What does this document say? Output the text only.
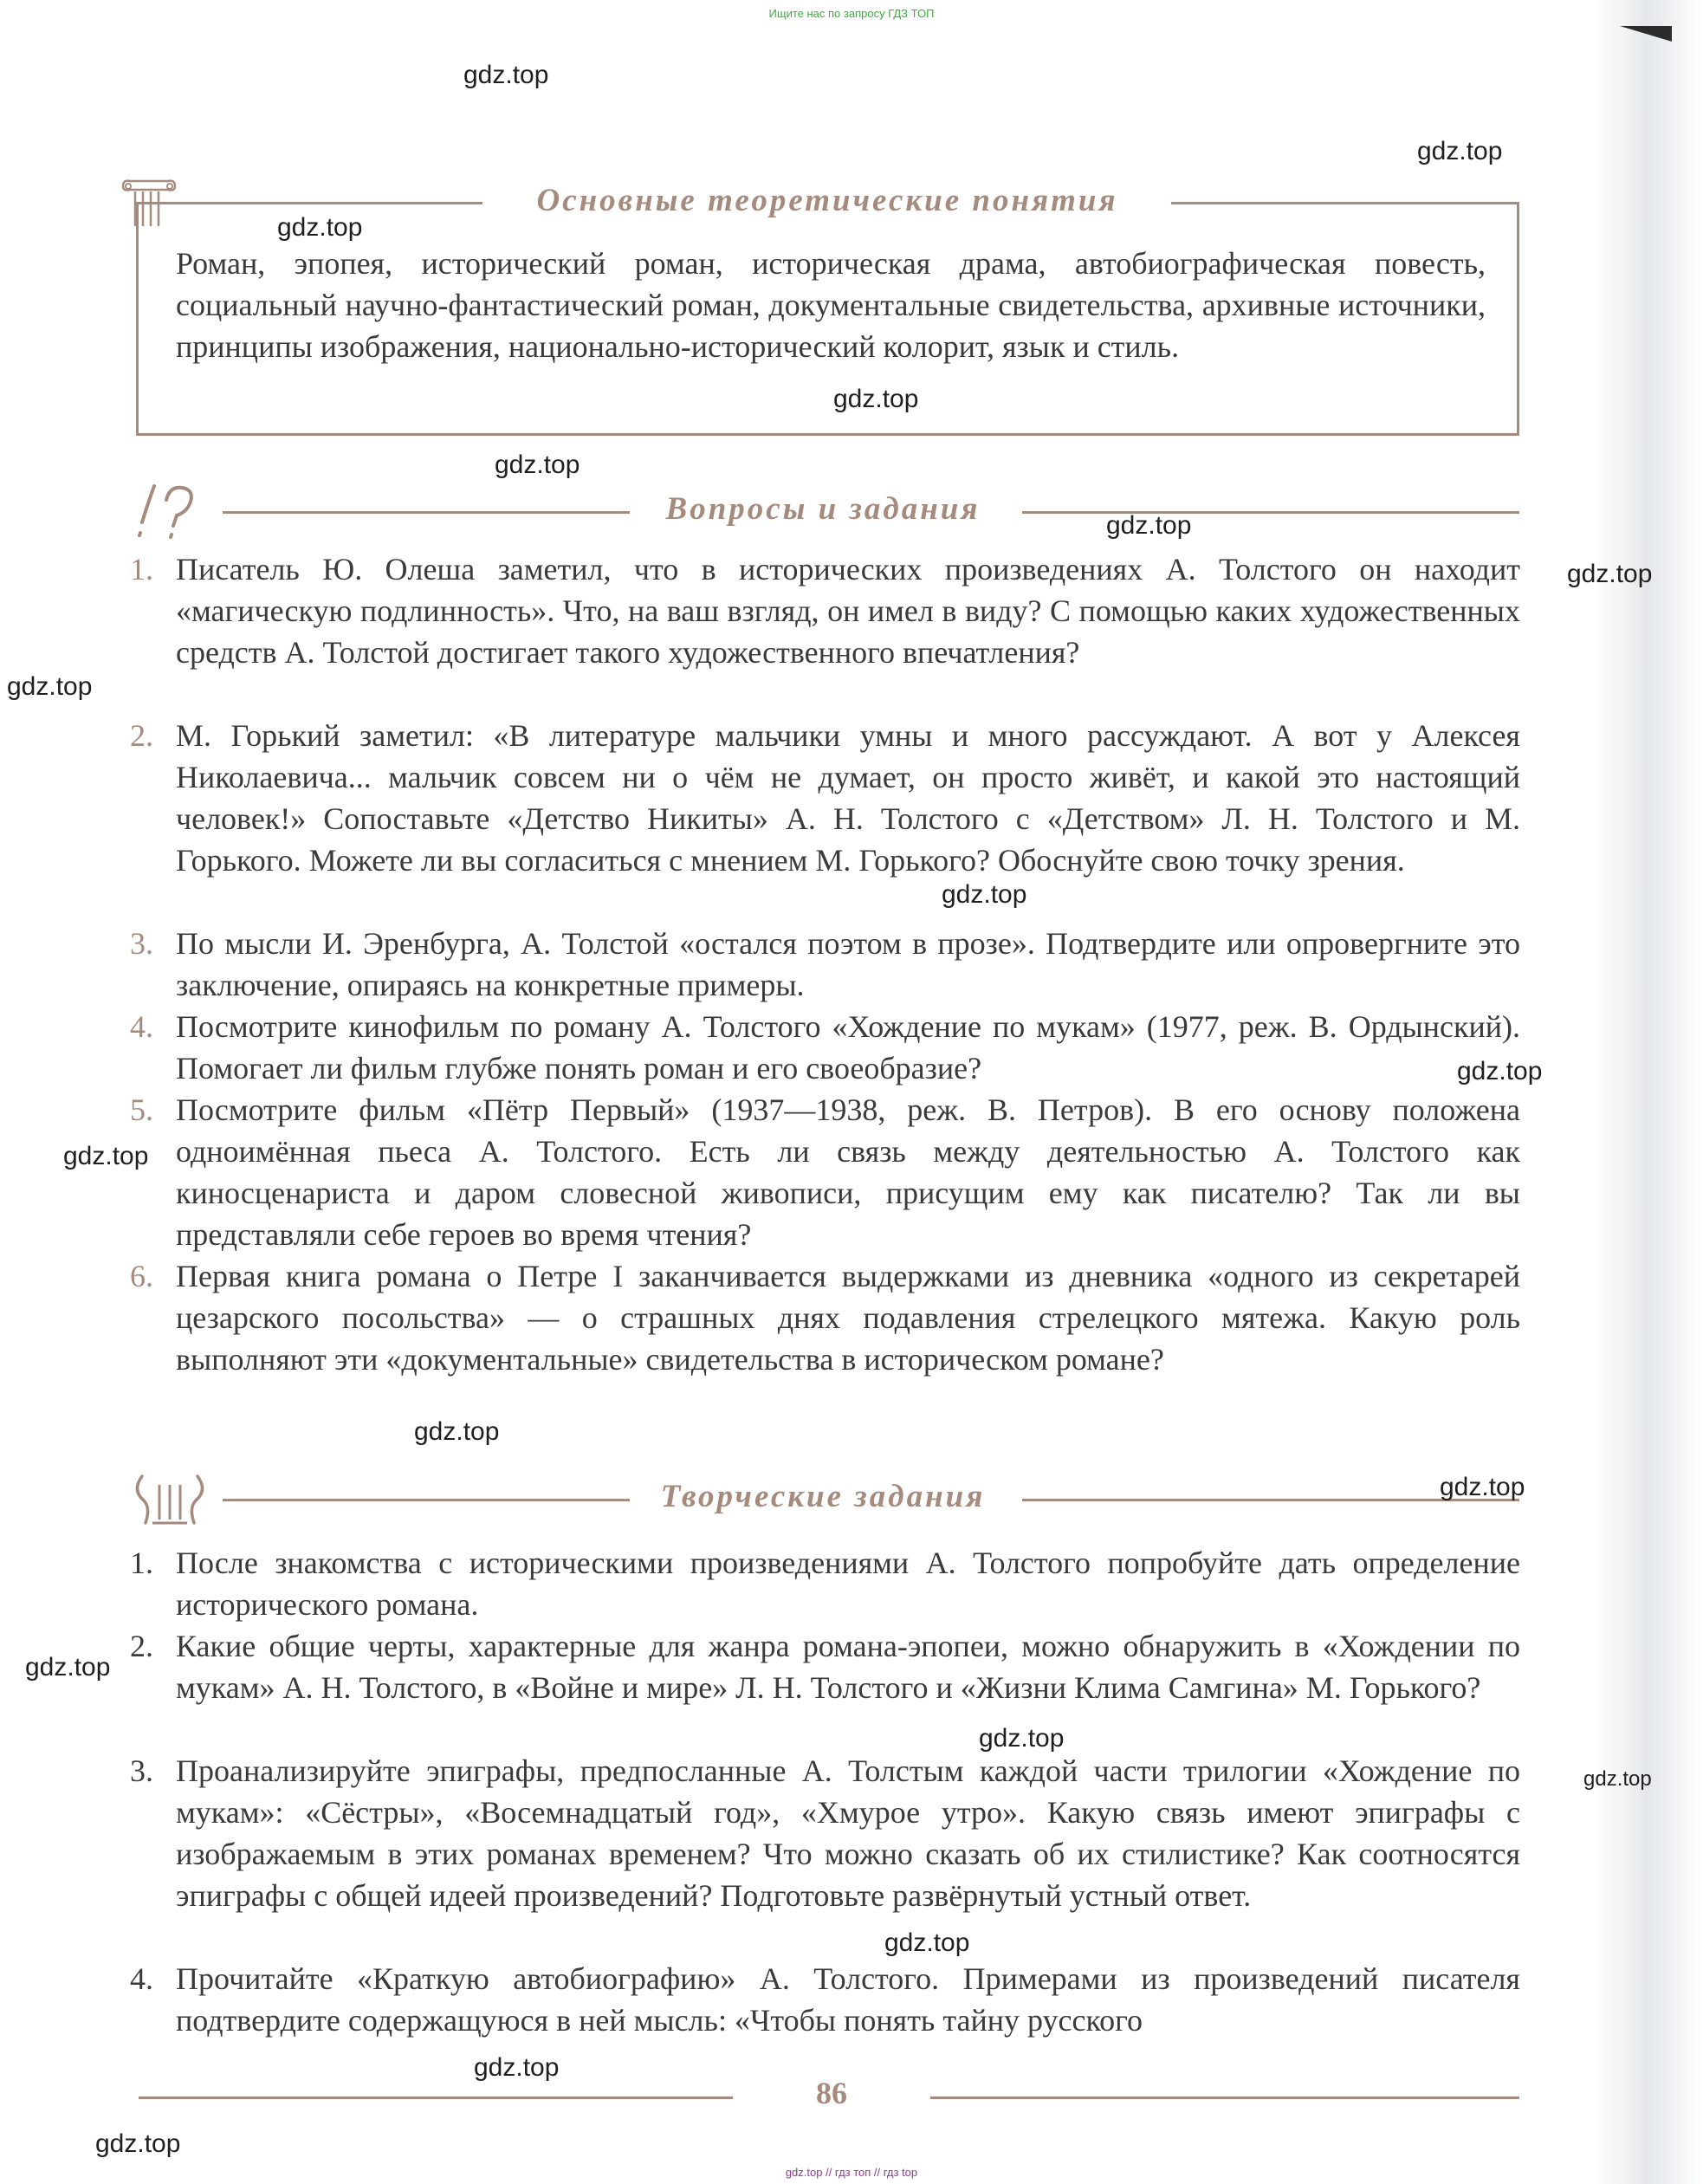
Ищите нас по запросу ГДЗ ТОП
Основные теоретические понятия
Роман, эпопея, исторический роман, историческая драма, автобиографическая повесть, социальный научно-фантастический роман, документальные свидетельства, архивные источники, принципы изображения, национально-исторический колорит, язык и стиль.
Вопросы и задания
1. Писатель Ю. Олеша заметил, что в исторических произведениях А. Толстого он находит «магическую подлинность». Что, на ваш взгляд, он имел в виду? С помощью каких художественных средств А. Толстой достигает такого художественного впечатления?
2. М. Горький заметил: «В литературе мальчики умны и много рассуждают. А вот у Алексея Николаевича... мальчик совсем ни о чём не думает, он просто живёт, и какой это настоящий человек!» Сопоставьте «Детство Никиты» А. Н. Толстого с «Детством» Л. Н. Толстого и М. Горького. Можете ли вы согласиться с мнением М. Горького? Обоснуйте свою точку зрения.
3. По мысли И. Эренбурга, А. Толстой «остался поэтом в прозе». Подтвердите или опровергните это заключение, опираясь на конкретные примеры.
4. Посмотрите кинофильм по роману А. Толстого «Хождение по мукам» (1977, реж. В. Ордынский). Помогает ли фильм глубже понять роман и его своеобразие?
5. Посмотрите фильм «Пётр Первый» (1937—1938, реж. В. Петров). В его основу положена одноимённая пьеса А. Толстого. Есть ли связь между деятельностью А. Толстого как киносценариста и даром словесной живописи, присущим ему как писателю? Так ли вы представляли себе героев во время чтения?
6. Первая книга романа о Петре I заканчивается выдержками из дневника «одного из секретарей цезарского посольства» — о страшных днях подавления стрелецкого мятежа. Какую роль выполняют эти «документальные» свидетельства в историческом романе?
Творческие задания
1. После знакомства с историческими произведениями А. Толстого попробуйте дать определение исторического романа.
2. Какие общие черты, характерные для жанра романа-эпопеи, можно обнаружить в «Хождении по мукам» А. Н. Толстого, в «Войне и мире» Л. Н. Толстого и «Жизни Клима Самгина» М. Горького?
3. Проанализируйте эпиграфы, предпосланные А. Толстым каждой части трилогии «Хождение по мукам»: «Сёстры», «Восемнадцатый год», «Хмурое утро». Какую связь имеют эпиграфы с изображаемым в этих романах временем? Что можно сказать об их стилистике? Как соотносятся эпиграфы с общей идеей произведений? Подготовьте развёрнутый устный ответ.
4. Прочитайте «Краткую автобиографию» А. Толстого. Примерами из произведений писателя подтвердите содержащуюся в ней мысль: «Чтобы понять тайну русского
86
gdz.top // гдз топ // гдз top
gdz.top
gdz.top
gdz.top
gdz.top
gdz.top
gdz.top
gdz.top
gdz.top
gdz.top
gdz.top
gdz.top
gdz.top
gdz.top
gdz.top
gdz.top
gdz.top
gdz.top
gdz.top
gdz.top
